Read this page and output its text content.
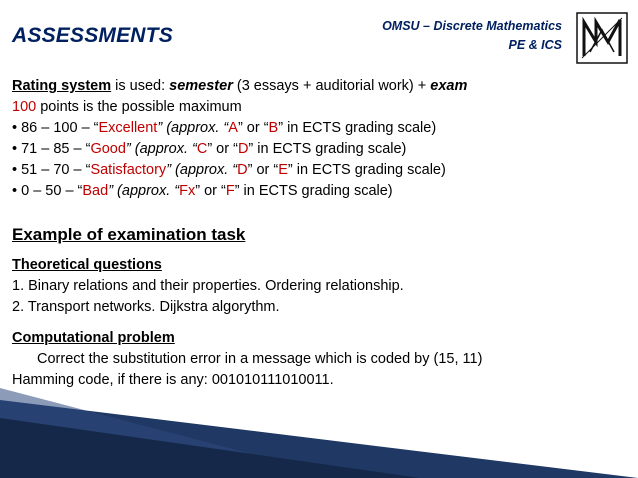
ASSESSMENTS	OMSU – Discrete Mathematics
PE & ICS
Rating system is used: semester (3 essays + auditorial work) + exam
100 points is the possible maximum
• 86 – 100 – “Excellent” (approx. “A” or “B” in ECTS grading scale)
• 71 – 85 – “Good” (approx. “C” or “D” in ECTS grading scale)
• 51 – 70 – “Satisfactory” (approx. “D” or “E” in ECTS grading scale)
• 0 – 50 – “Bad” (approx. “Fx” or “F” in ECTS grading scale)
Example of examination task
Theoretical questions
1. Binary relations and their properties. Ordering relationship.
2. Transport networks. Dijkstra algorythm.
Computational problem
Correct the substitution error in a message which is coded by (15, 11)
Hamming code, if there is any: 001010111010011.
